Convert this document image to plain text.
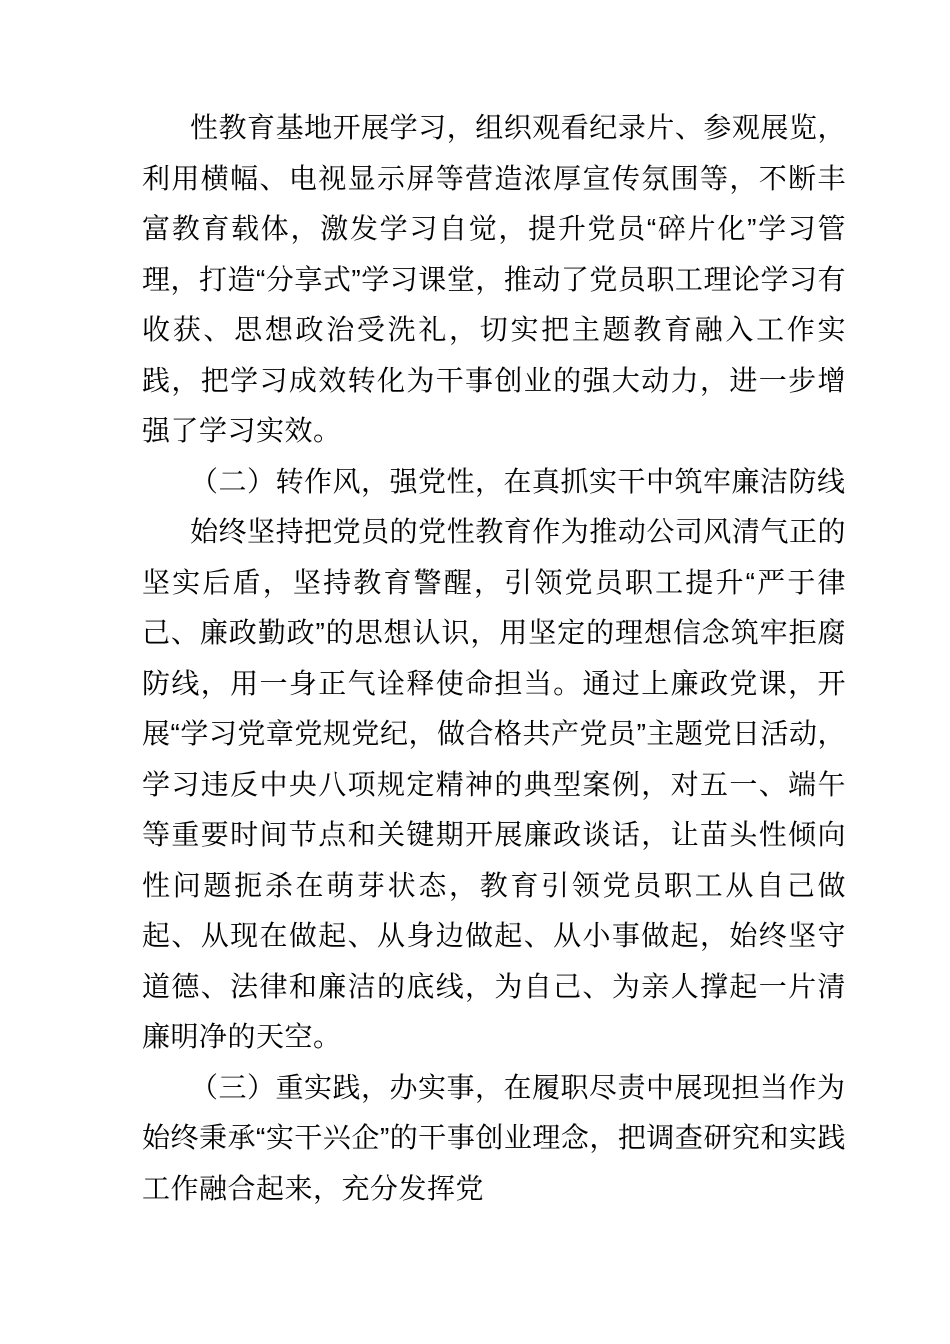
性教育基地开展学习，组织观看纪录片、参观展览，利用横幅、电视显示屏等营造浓厚宣传氛围等，不断丰富教育载体，激发学习自觉，提升党员“碎片化”学习管理，打造“分享式”学习课堂，推动了党员职工理论学习有收获、思想政治受洗礼，切实把主题教育融入工作实践，把学习成效转化为干事创业的强大动力，进一步增强了学习实效。

（二）转作风，强党性，在真抓实干中筑牢廉洁防线

始终坚持把党员的党性教育作为推动公司风清气正的坚实后盾，坚持教育警醒，引领党员职工提升“严于律己、廉政勤政”的思想认识，用坚定的理想信念筑牢拒腐防线，用一身正气诠释使命担当。通过上廉政党课，开展“学习党章党规党纪，做合格共产党员”主题党日活动，学习违反中央八项规定精神的典型案例，对五一、端午等重要时间节点和关键期开展廉政谈话，让苗头性倾向性问题扼杀在萌芽状态，教育引领党员职工从自己做起、从现在做起、从身边做起、从小事做起，始终坚守道德、法律和廉洁的底线，为自己、为亲人撑起一片清廉明净的天空。

（三）重实践，办实事，在履职尽责中展现担当作为

始终秉承“实干兴企”的干事创业理念，把调查研究和实践工作融合起来，充分发挥党
